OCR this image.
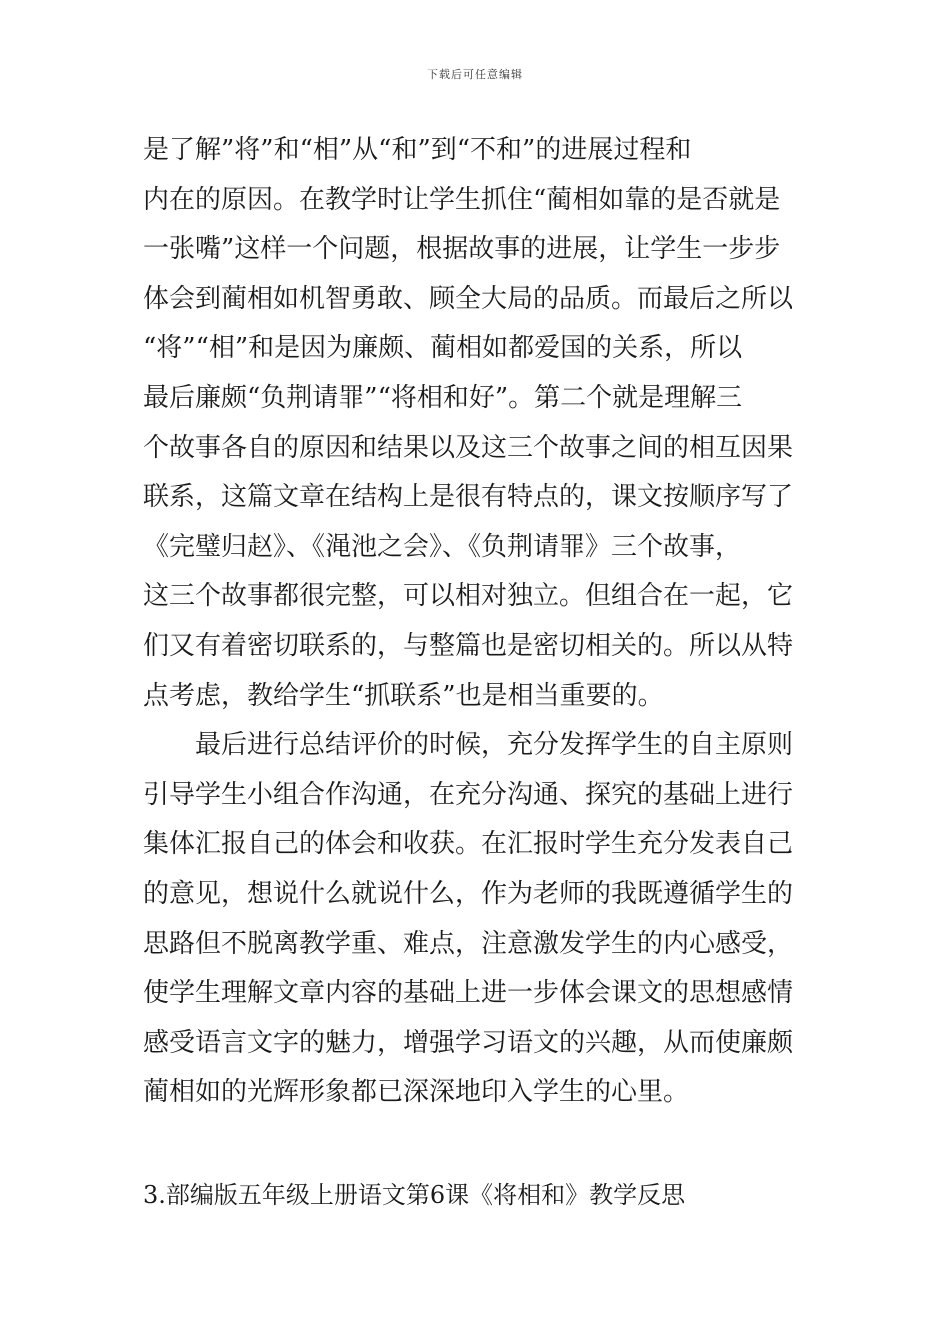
下载后可任意编辑
是了解”将”和“相”从“和”到“不和”的进展过程和
内在的原因。在教学时让学生抓住“蔺相如靠的是否就是
一张嘴”这样一个问题，根据故事的进展，让学生一步步
体会到蔺相如机智勇敢、顾全大局的品质。而最后之所以
“将”“相”和是因为廉颇、蔺相如都爱国的关系，所以
最后廉颇“负荆请罪”“将相和好”。第二个就是理解三
个故事各自的原因和结果以及这三个故事之间的相互因果
联系，这篇文章在结构上是很有特点的，课文按顺序写了
《完璧归赵》、《渑池之会》、《负荆请罪》三个故事，
这三个故事都很完整，可以相对独立。但组合在一起，它
们又有着密切联系的，与整篇也是密切相关的。所以从特
点考虑，教给学生“抓联系”也是相当重要的。
　　最后进行总结评价的时候，充分发挥学生的自主原则
引导学生小组合作沟通，在充分沟通、探究的基础上进行
集体汇报自己的体会和收获。在汇报时学生充分发表自己
的意见，想说什么就说什么，作为老师的我既遵循学生的
思路但不脱离教学重、难点，注意激发学生的内心感受，
使学生理解文章内容的基础上进一步体会课文的思想感情
感受语言文字的魅力，增强学习语文的兴趣，从而使廉颇
蔺相如的光辉形象都已深深地印入学生的心里。
3.部编版五年级上册语文第6课《将相和》教学反思
